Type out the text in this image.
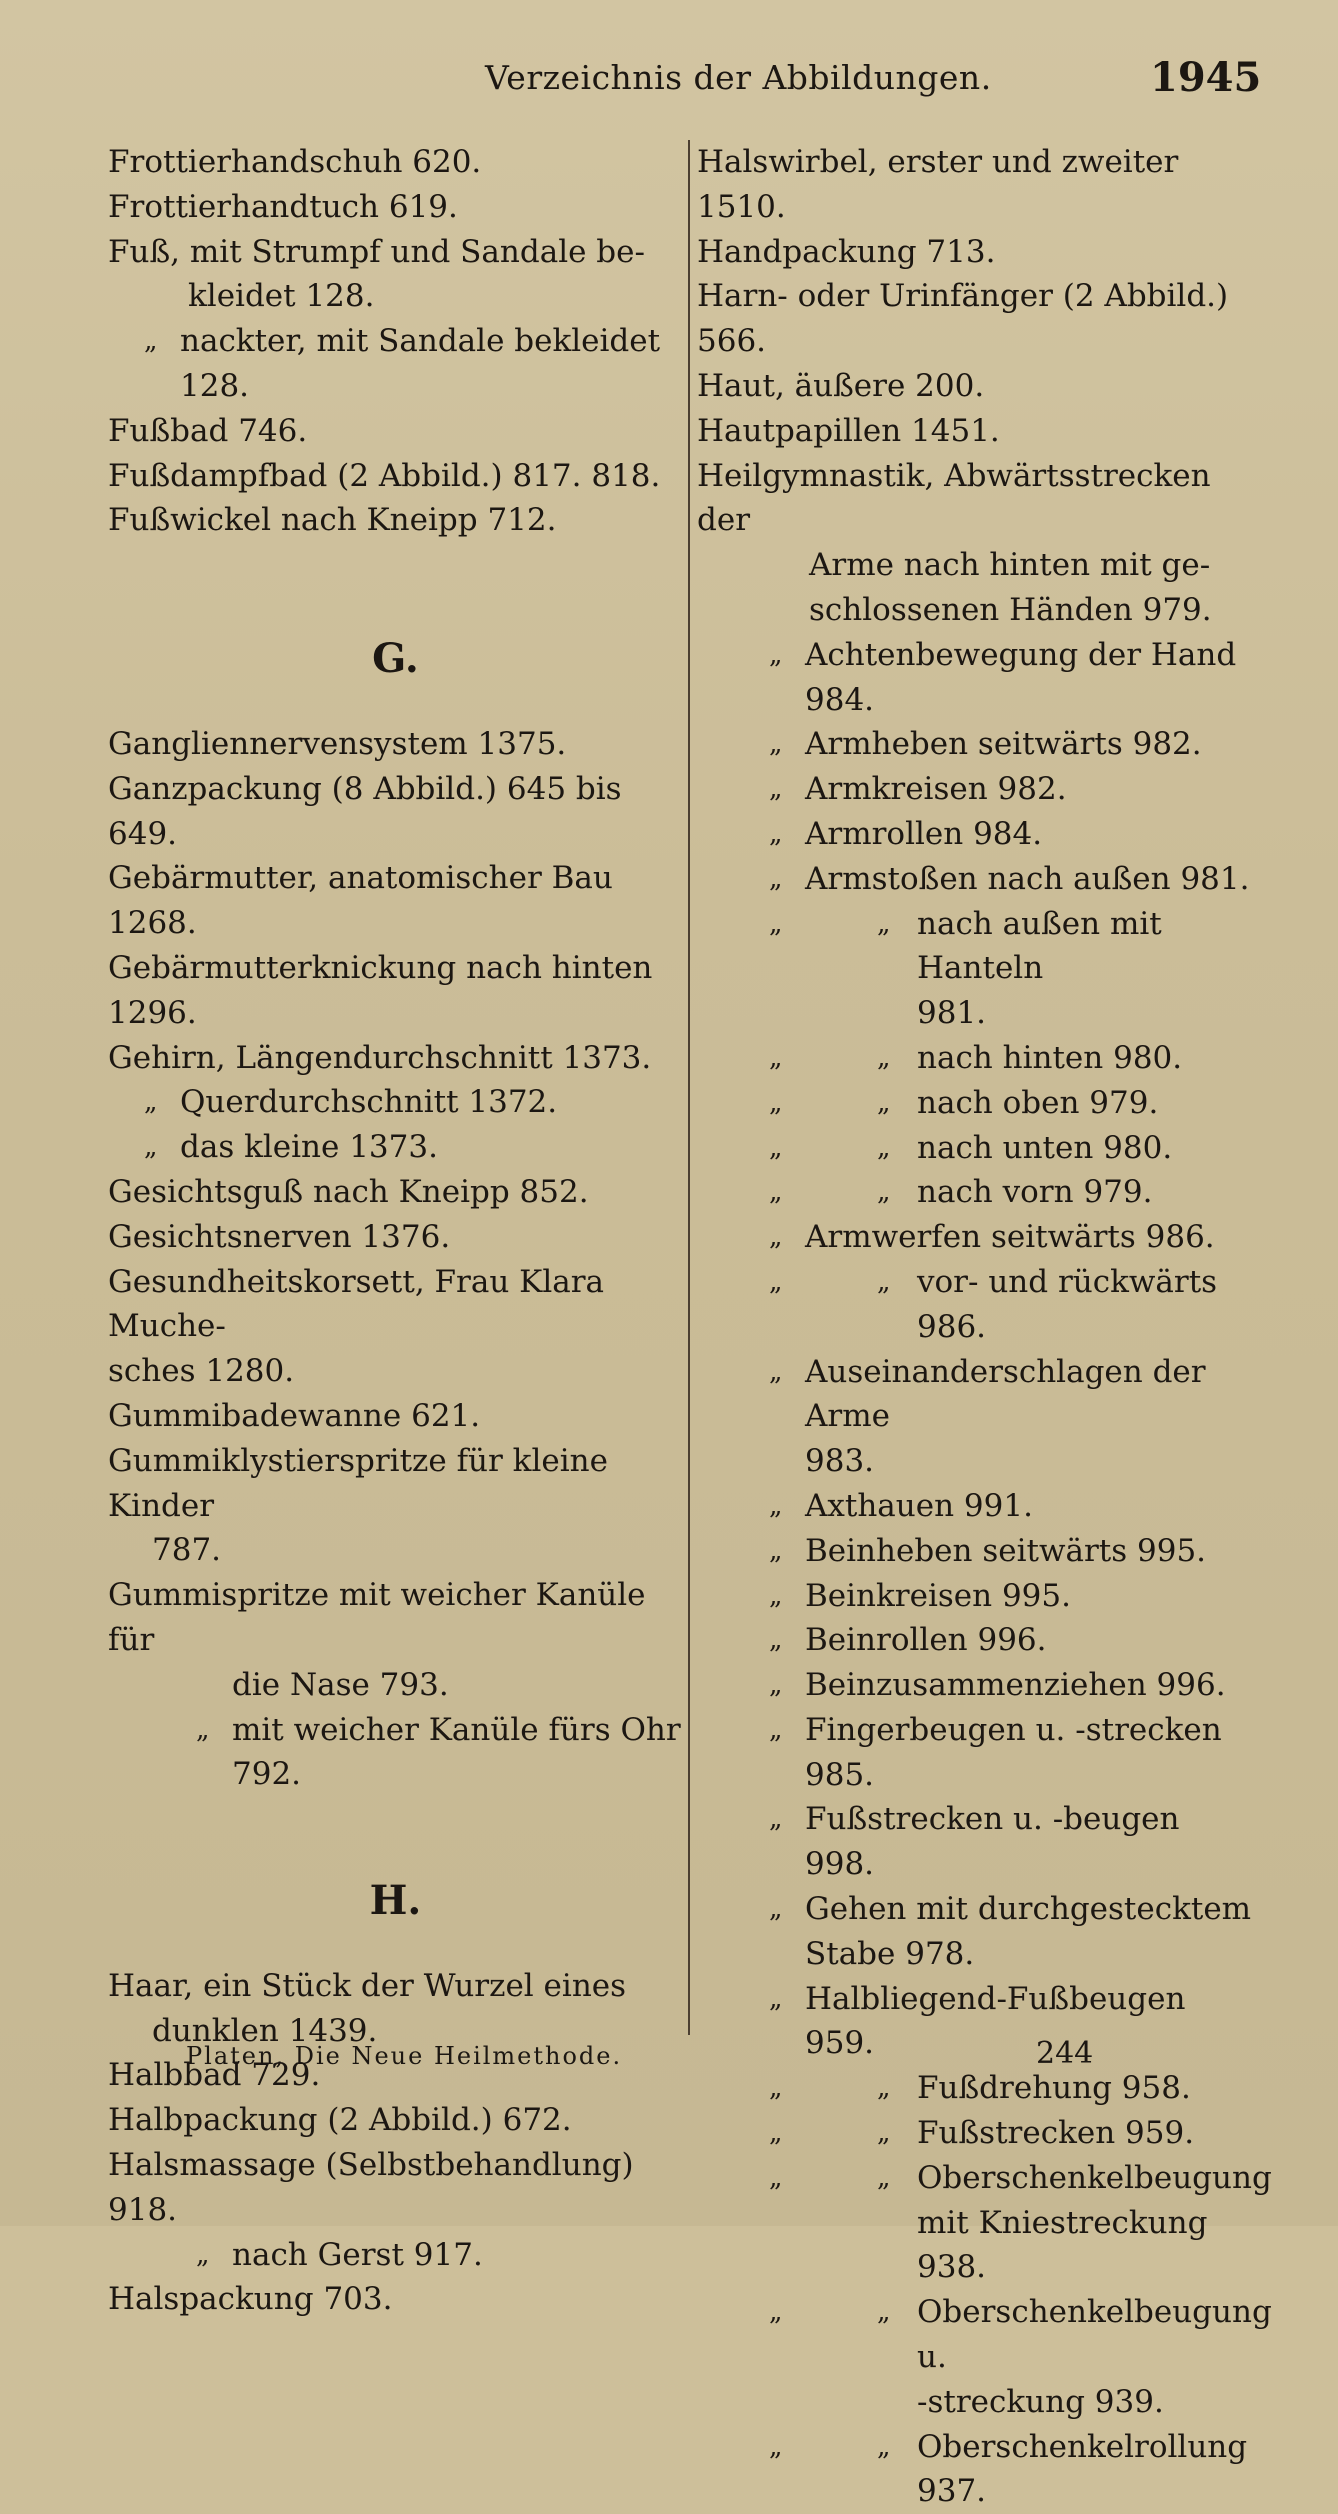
Verzeichnis der Abbildungen.	1945
Frottierhandschuh 620.
Frottierhandtuch 619.
Fuß, mit Strumpf und Sandale be-
kleidet 128.
„ nackter, mit Sandale bekleidet
128.
Fußbad 746.
Fußdampfbad (2 Abbild.) 817. 818.
Fußwickel nach Kneipp 712.
G.
Gangliennervensystem 1375.
Ganzpackung (8 Abbild.) 645 bis 649.
Gebärmutter, anatomischer Bau 1268.
Gebärmutterknickung nach hinten 1296.
Gehirn, Längendurchschnitt 1373.
„ Querdurchschnitt 1372.
„ das kleine 1373.
Gesichtsguß nach Kneipp 852.
Gesichtsnerven 1376.
Gesundheitskorsett, Frau Klara Muche-
sches 1280.
Gummibadewanne 621.
Gummiklystierspritze für kleine Kinder
787.
Gummispritze mit weicher Kanüle für
die Nase 793.
„ mit weicher Kanüle fürs Ohr
792.
H.
Haar, ein Stück der Wurzel eines
dunklen 1439.
Halbbad 729.
Halbpackung (2 Abbild.) 672.
Halsmassage (Selbstbehandlung) 918.
„ nach Gerst 917.
Halspackung 703.
Halswirbel, erster und zweiter 1510.
Handpackung 713.
Harn- oder Urinfänger (2 Abbild.) 566.
Haut, äußere 200.
Hautpapillen 1451.
Heilgymnastik, Abwärtsstrecken der
Arme nach hinten mit ge-
schlossenen Händen 979.
„ Achtenbewegung der Hand 984.
„ Armheben seitwärts 982.
„ Armkreisen 982.
„ Armrollen 984.
„ Armstoßen nach außen 981.
„	„ nach außen mit Hanteln
981.
„	„ nach hinten 980.
„	„ nach oben 979.
„	„ nach unten 980.
„	„ nach vorn 979.
„ Armwerfen seitwärts 986.
„	„ vor- und rückwärts 986.
„ Auseinanderschlagen der Arme
983.
„ Axthauen 991.
„ Beinheben seitwärts 995.
„ Beinkreisen 995.
„ Beinrollen 996.
„ Beinzusammenziehen 996.
„ Fingerbeugen u. -strecken 985.
„ Fußstrecken u. -beugen 998.
„ Gehen mit durchgestecktem
Stabe 978.
„ Halbliegend-Fußbeugen 959.
„	„ Fußdrehung 958.
„	„ Fußstrecken 959.
„	„ Oberschenkelbeugung
mit Kniestreckung 938.
„	„ Oberschenkelbeugung u.
-streckung 939.
„	„ Oberschenkelrollung
937.
Platen, Die Neue Heilmethode.	244
